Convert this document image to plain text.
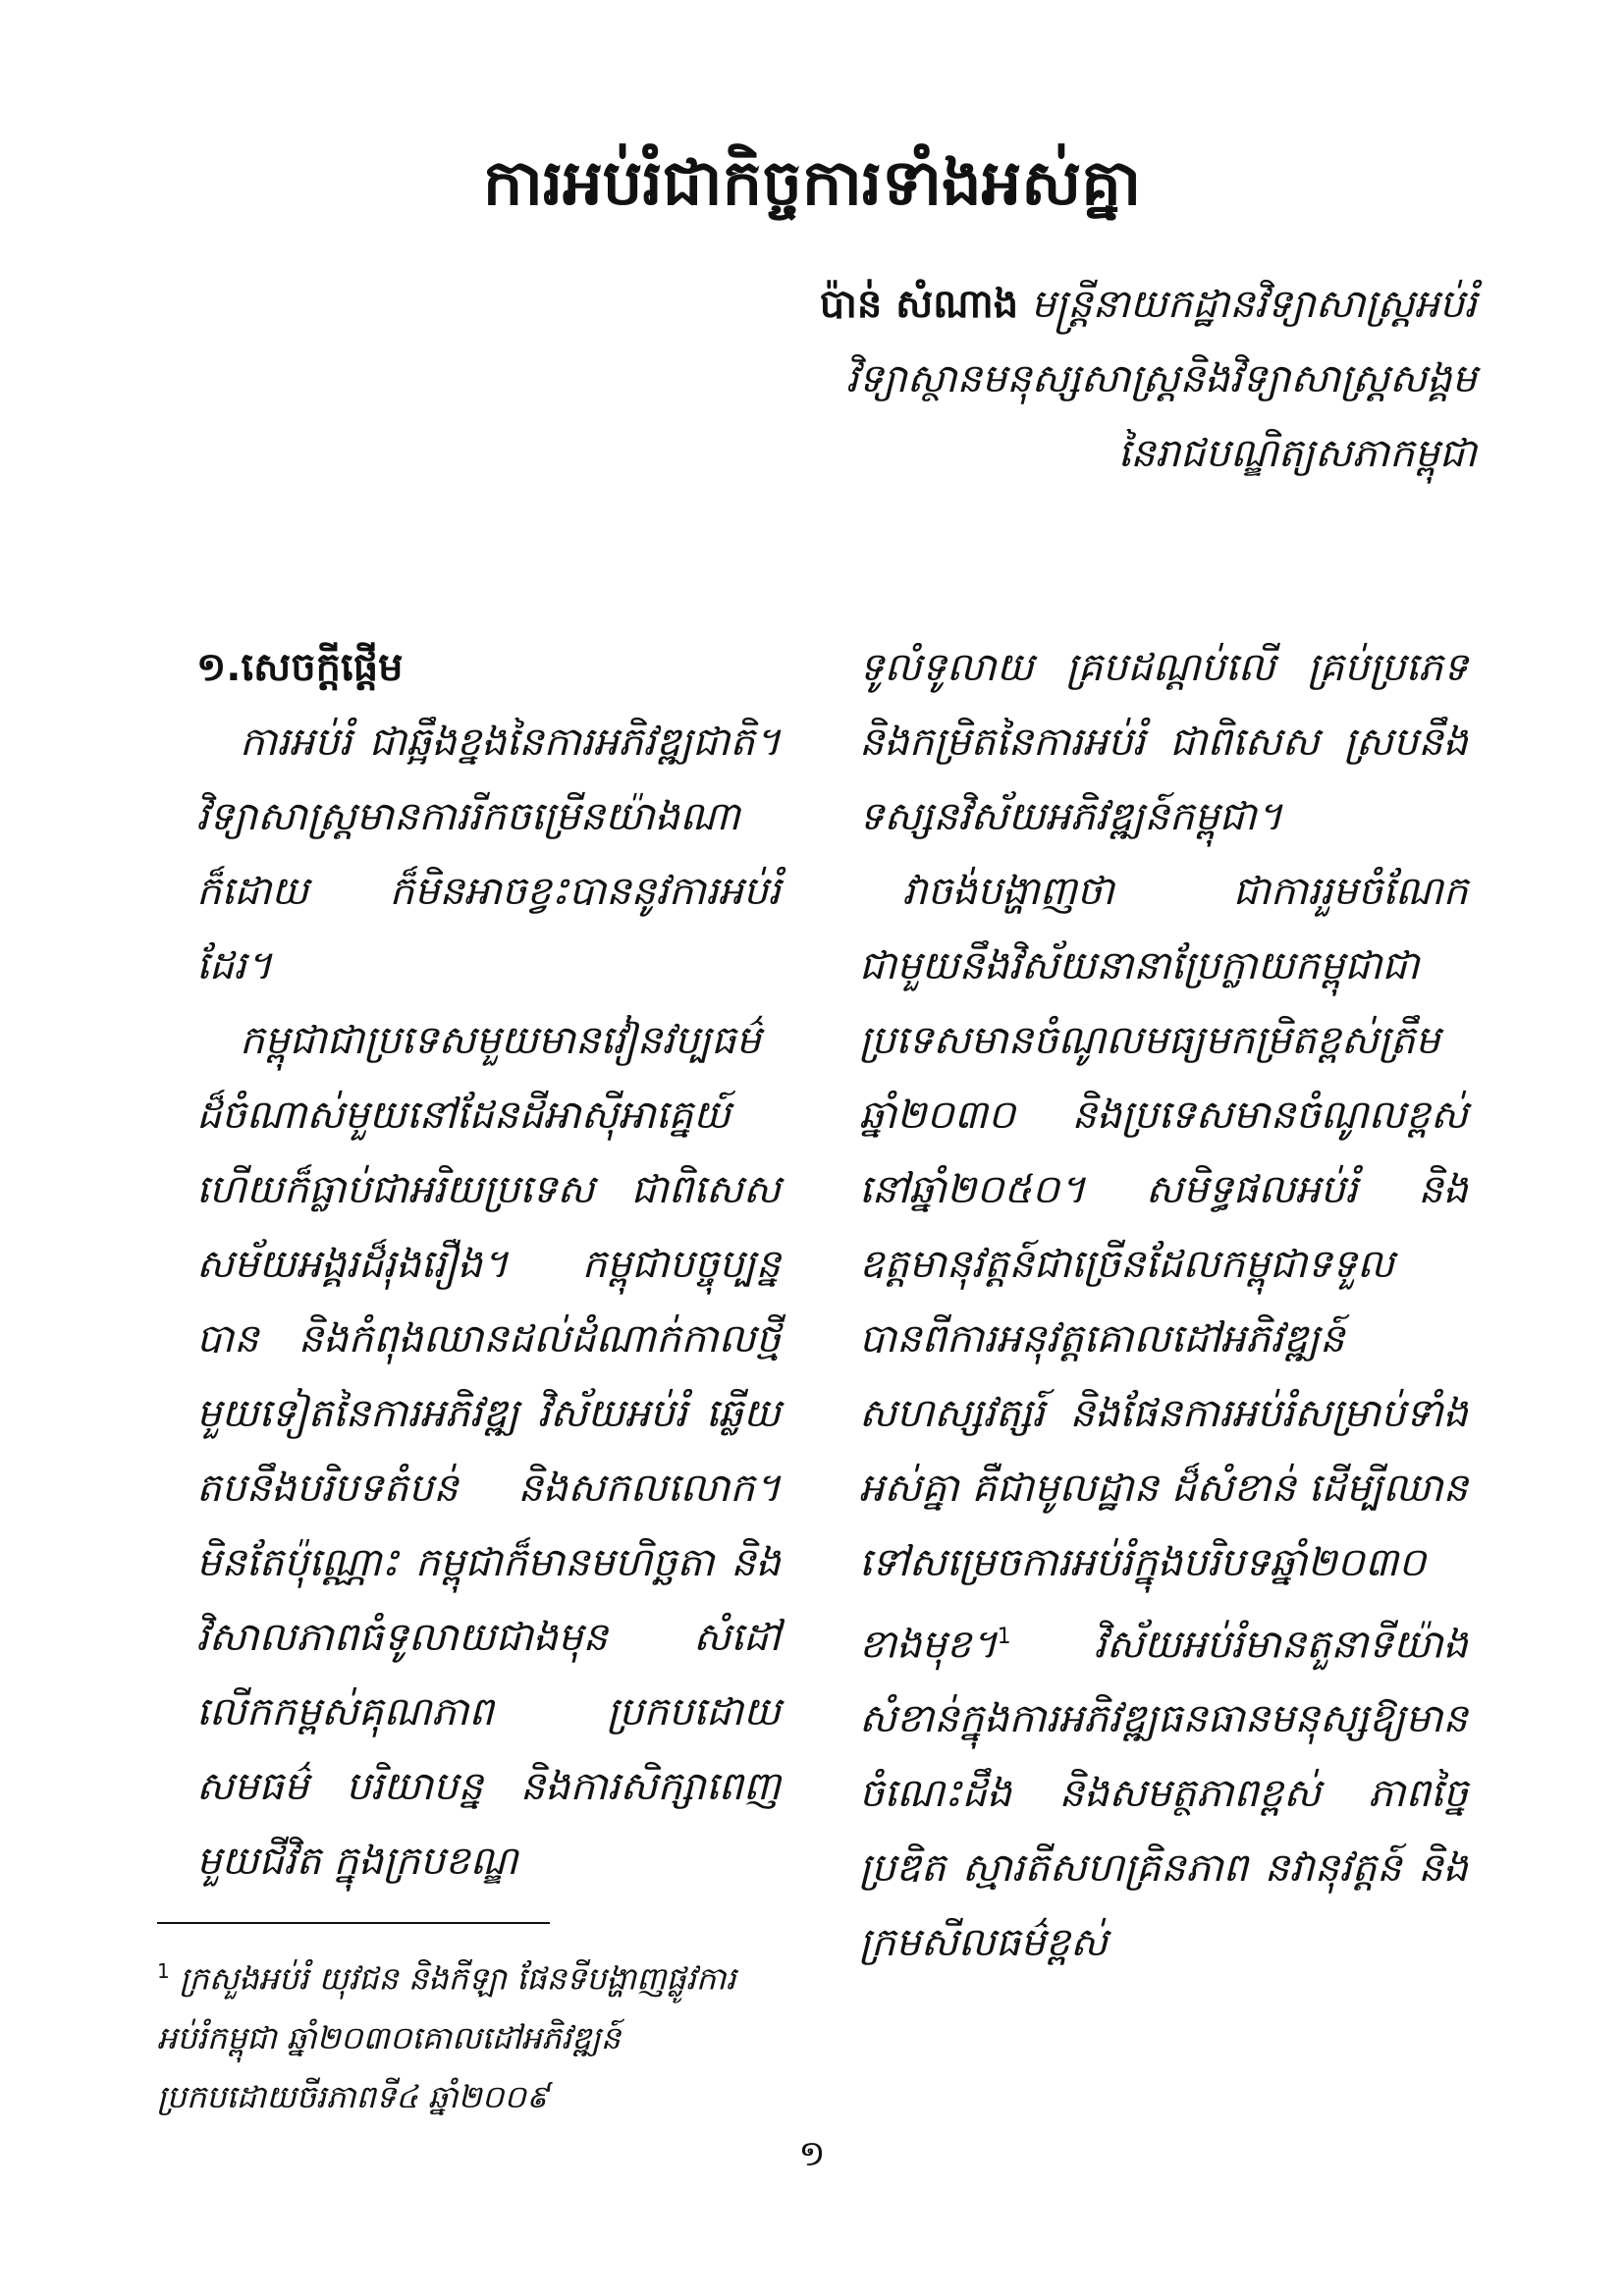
ការអប់រំជាកិច្ចការទាំងអស់គ្នា
ប៉ាន់ សំណាង មន្ត្រីនាយកដ្ឋានវិទ្យាសាស្ត្រអប់រំ
វិទ្យាស្ថានមនុស្សសាស្ត្រនិងវិទ្យាសាស្ត្រសង្គម
នៃរាជបណ្ឌិត្យសភាកម្ពុជា
១.សេចក្តីផ្តើម
ការអប់រំ ជាឆ្អឹងខ្នងនៃការអភិវឌ្ឍជាតិ។ វិទ្យាសាស្ត្រមានការរីកចម្រើនយ៉ាងណាក៏ដោយ ក៏មិនអាចខ្វះបាននូវការអប់រំដែរ។
កម្ពុជាជាប្រទេសមួយមានវៀនវប្បធម៌ ដ៏ចំណាស់មួយនៅដែនដីអាស៊ីអាគ្នេយ៍ ហើយក៏ធ្លាប់ជាអរិយប្រទេស ជាពិសេសសម័យអង្គរដ៏រុងរឿង។ កម្ពុជាបច្ចុប្បន្នបាន និងកំពុងឈានដល់ដំណាក់កាលថ្មីមួយទៀតនៃការអភិវឌ្ឍ វិស័យអប់រំ ឆ្លើយតបនឹងបរិបទតំបន់ និងសកលលោក។ មិនតែប៉ុណ្ណោះ កម្ពុជាក៏មានមហិច្ឆតា និងវិសាលភាពធំទូលាយជាងមុន សំដៅលើកកម្ពស់គុណភាព ប្រកបដោយសមធម៌ បរិយាបន្ន និងការសិក្សាពេញមួយជីវិត ក្នុងក្របខណ្ឌ
ទូលំទូលាយ គ្របដណ្តប់លើ គ្រប់ប្រភេទ និងកម្រិតនៃការអប់រំ ជាពិសេស ស្របនឹងទស្សនវិស័យអភិវឌ្ឍន៍កម្ពុជា។
វាចង់បង្ហាញថា ជាការរួមចំណែកជាមួយនឹងវិស័យនានាប្រែក្លាយកម្ពុជាជាប្រទេសមានចំណូលមធ្យមកម្រិតខ្ពស់ត្រឹមឆ្នាំ២០៣០ និងប្រទេសមានចំណូលខ្ពស់នៅឆ្នាំ២០៥០។ សមិទ្ធផលអប់រំ និងឧត្តមានុវត្តន៍ជាច្រើនដែលកម្ពុជាទទួលបានពីការអនុវត្តគោលដៅអភិវឌ្ឍន៍សហស្សវត្សរ៍ និងផែនការអប់រំសម្រាប់ទាំងអស់គ្នា គឺជាមូលដ្ឋាន ដ៏សំខាន់ ដើម្បីឈានទៅសម្រេចការអប់រំក្នុងបរិបទឆ្នាំ២០៣០ ខាងមុខ។$^1$ វិស័យអប់រំមានតួនាទីយ៉ាងសំខាន់ក្នុងការអភិវឌ្ឍធនធានមនុស្សឱ្យមានចំណេះដឹង និងសមត្ថភាពខ្ពស់ ភាពច្នៃប្រឌិត ស្មារតីសហគ្រិនភាព នវានុវត្តន៍ និងក្រមសីលធម៌ខ្ពស់
$^1$ ក្រសួងអប់រំ យុវជន និងកីឡា ផែនទីបង្ហាញផ្លូវការ
អប់រំកម្ពុជា ឆ្នាំ២០៣០គោលដៅអភិវឌ្ឍន៍
ប្រកបដោយចីរភាពទី៤ ឆ្នាំ២០០៩
១
